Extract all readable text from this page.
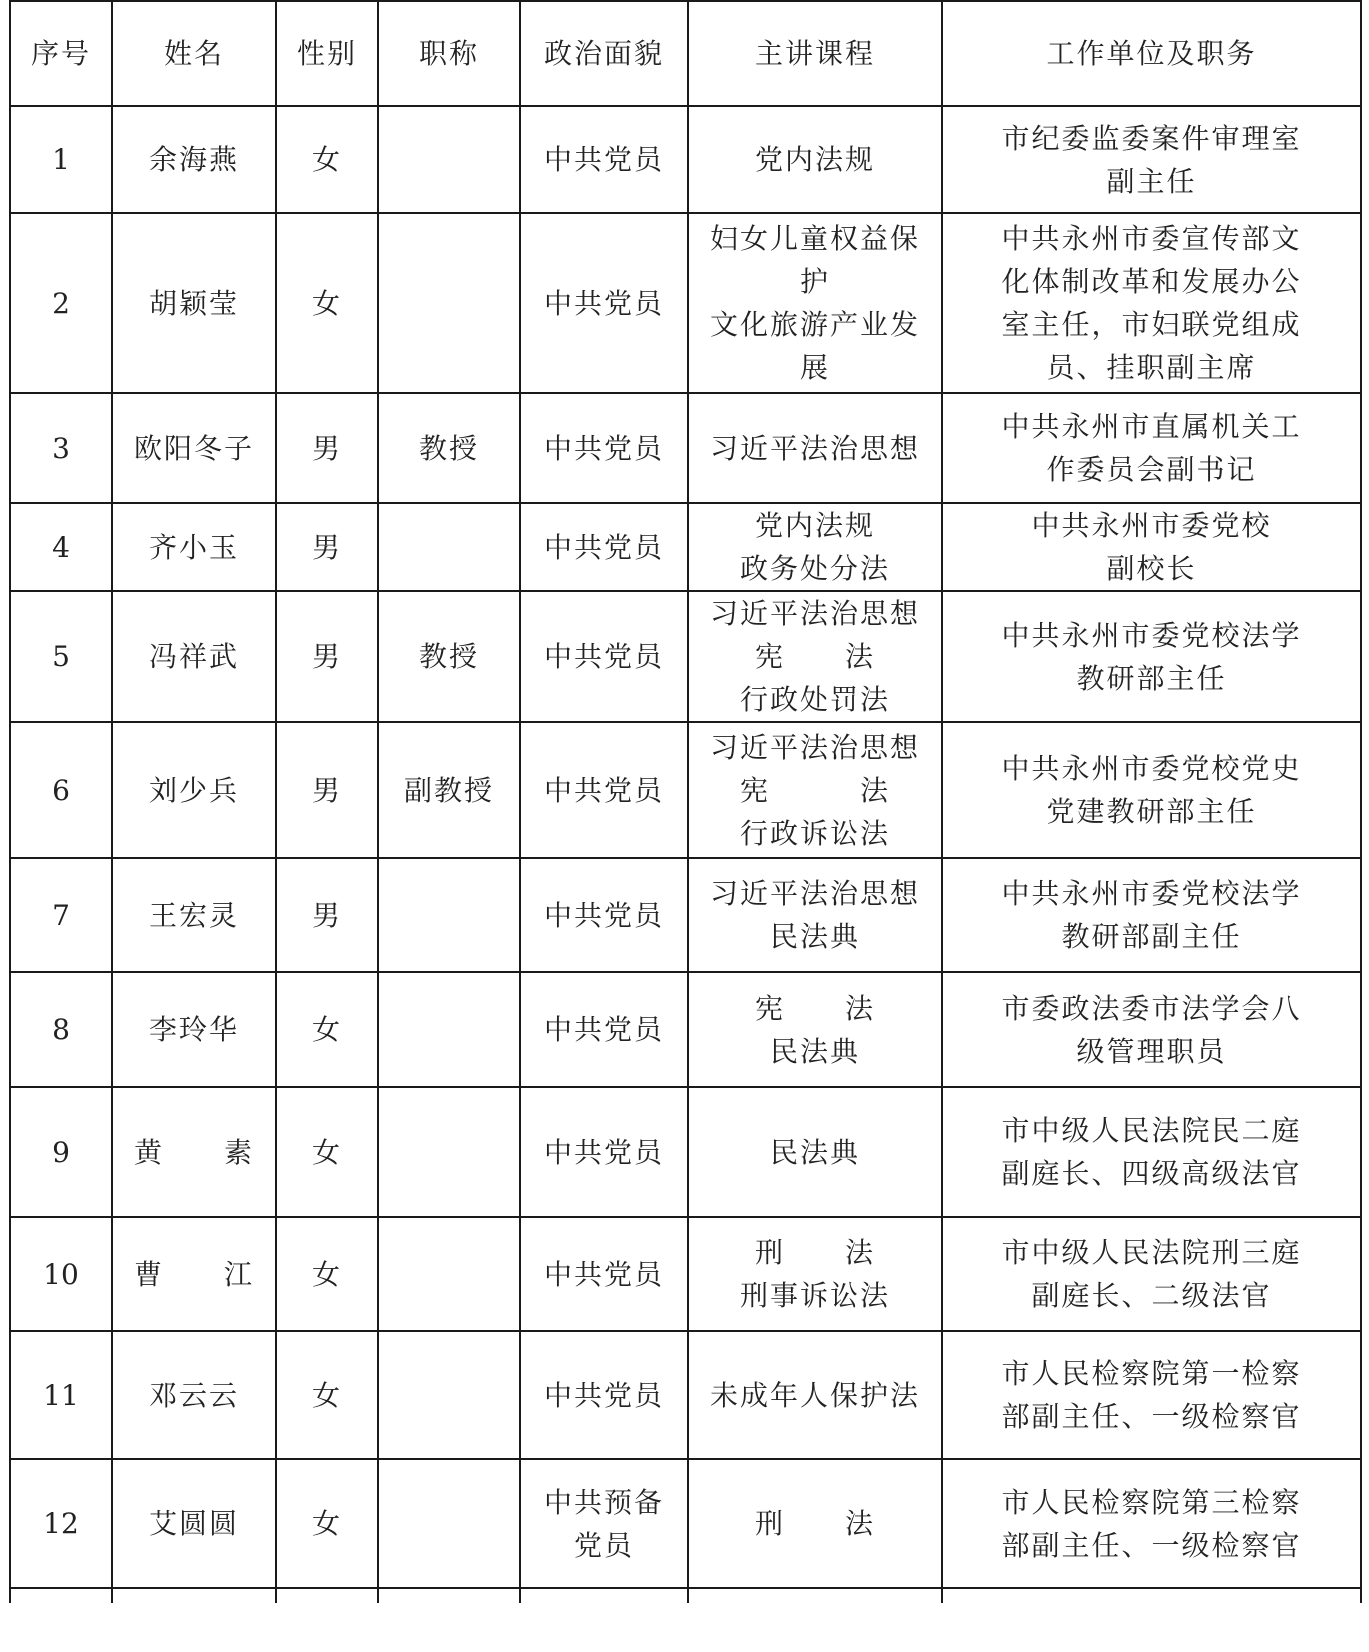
序号	姓名	性别	职称	政治面貌	主讲课程	工作单位及职务
1	余海燕	女		中共党员	党内法规	市纪委监委案件审理室
副主任
2	胡颖莹	女		中共党员	妇女儿童权益保
护
文化旅游产业发
展	中共永州市委宣传部文
化体制改革和发展办公
室主任，市妇联党组成
员、挂职副主席
3	欧阳冬子	男	教授	中共党员	习近平法治思想	中共永州市直属机关工
作委员会副书记
4	齐小玉	男		中共党员	党内法规
政务处分法	中共永州市委党校
副校长
5	冯祥武	男	教授	中共党员	习近平法治思想
宪　　法
行政处罚法	中共永州市委党校法学
教研部主任
6	刘少兵	男	副教授	中共党员	习近平法治思想
宪　　　法
行政诉讼法	中共永州市委党校党史
党建教研部主任
7	王宏灵	男		中共党员	习近平法治思想
民法典	中共永州市委党校法学
教研部副主任
8	李玲华	女		中共党员	宪　　法
民法典	市委政法委市法学会八
级管理职员
9	黄　　素	女		中共党员	民法典	市中级人民法院民二庭
副庭长、四级高级法官
10	曹　　江	女		中共党员	刑　　法
刑事诉讼法	市中级人民法院刑三庭
副庭长、二级法官
11	邓云云	女		中共党员	未成年人保护法	市人民检察院第一检察
部副主任、一级检察官
12	艾圆圆	女		中共预备
党员	刑　　法	市人民检察院第三检察
部副主任、一级检察官
